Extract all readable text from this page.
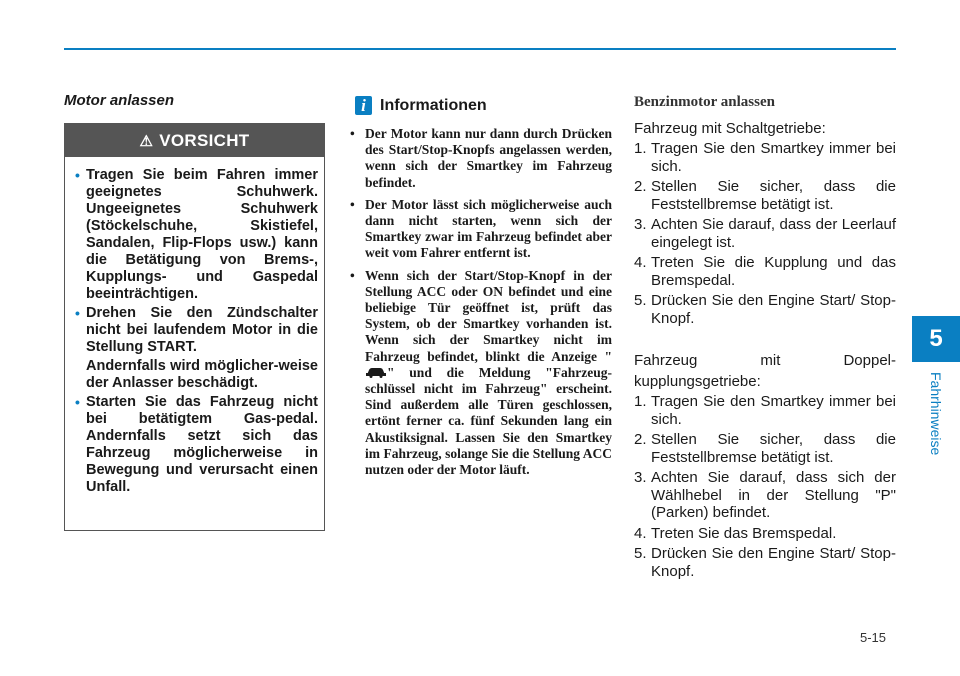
5
Fahrhinweise
Motor anlassen
⚠ VORSICHT
• Tragen Sie beim Fahren immer geeignetes Schuhwerk. Ungeeignetes Schuhwerk (Stöckelschuhe, Skistiefel, Sandalen, Flip-Flops usw.) kann die Betätigung von Brems-, Kupplungs- und Gaspedal beeinträchtigen.
• Drehen Sie den Zündschalter nicht bei laufendem Motor in die Stellung START.
Andernfalls wird möglicher-weise der Anlasser beschädigt.
• Starten Sie das Fahrzeug nicht bei betätigtem Gas-pedal. Andernfalls setzt sich das Fahrzeug möglicherweise in Bewegung und verursacht einen Unfall.
i Informationen
• Der Motor kann nur dann durch Drücken des Start/Stop-Knopfs angelassen werden, wenn sich der Smartkey im Fahrzeug befindet.
• Der Motor lässt sich möglicherweise auch dann nicht starten, wenn sich der Smartkey zwar im Fahrzeug befindet aber weit vom Fahrer entfernt ist.
• Wenn sich der Start/Stop-Knopf in der Stellung ACC oder ON befindet und eine beliebige Tür geöffnet ist, prüft das System, ob der Smartkey vorhanden ist. Wenn sich der Smartkey nicht im Fahrzeug befindet, blinkt die Anzeige "" und die Meldung "Fahrzeug-schlüssel nicht im Fahrzeug" erscheint. Sind außerdem alle Türen geschlossen, ertönt ferner ca. fünf Sekunden lang ein Akustiksignal. Lassen Sie den Smartkey im Fahrzeug, solange Sie die Stellung ACC nutzen oder der Motor läuft.
Benzinmotor anlassen

Fahrzeug mit Schaltgetriebe:

1. Tragen Sie den Smartkey immer bei sich.
2. Stellen Sie sicher, dass die Feststellbremse betätigt ist.
3. Achten Sie darauf, dass der Leerlauf eingelegt ist.
4. Treten Sie die Kupplung und das Bremspedal.
5. Drücken Sie den Engine Start/ Stop-Knopf.

Fahrzeug mit Doppel-

kupplungsgetriebe:

1. Tragen Sie den Smartkey immer bei sich.
2. Stellen Sie sicher, dass die Feststellbremse betätigt ist.
3. Achten Sie darauf, dass sich der Wählhebel in der Stellung "P" (Parken) befindet.
4. Treten Sie das Bremspedal.
5. Drücken Sie den Engine Start/ Stop-Knopf.
5-15
